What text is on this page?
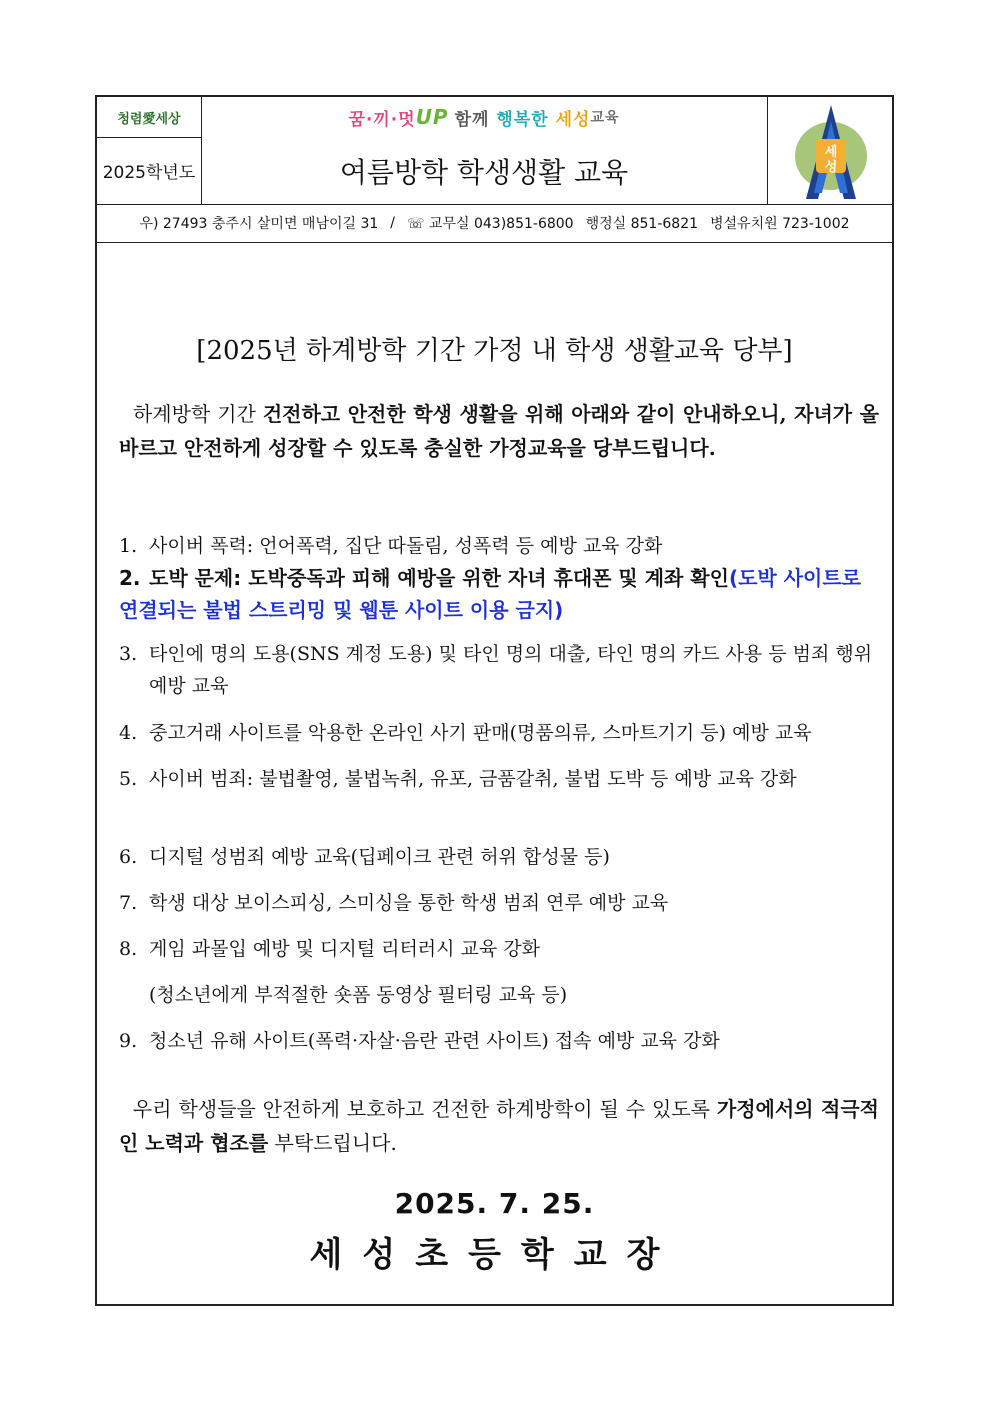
청렴愛세상
2025학년도
꿈·끼·멋 UP 함께
행복한
세성 교육
여름방학 학생생활 교육
세
성
우) 27493 충주시 살미면 매남이길 31 / ☏ 교무실 043)851-6800 행정실 851-6821 병설유치원 723-1002
[2025년 하계방학 기간 가정 내 학생 생활교육 당부]
하계방학 기간 건전하고 안전한 학생 생활을 위해 아래와 같이 안내하오니, 자녀가 올바르고 안전하게 성장할 수 있도록 충실한 가정교육을 당부드립니다.
1. 사이버 폭력: 언어폭력, 집단 따돌림, 성폭력 등 예방 교육 강화
2. 도박 문제: 도박중독과 피해 예방을 위한 자녀 휴대폰 및 계좌 확인(도박 사이트로 연결되는 불법 스트리밍 및 웹툰 사이트 이용 금지)
3. 타인에 명의 도용(SNS 계정 도용) 및 타인 명의 대출, 타인 명의 카드 사용 등 범죄 행위 예방 교육
4. 중고거래 사이트를 악용한 온라인 사기 판매(명품의류, 스마트기기 등) 예방 교육
5. 사이버 범죄: 불법촬영, 불법녹취, 유포, 금품갈취, 불법 도박 등 예방 교육 강화
6. 디지털 성범죄 예방 교육(딥페이크 관련 허위 합성물 등)
7. 학생 대상 보이스피싱, 스미싱을 통한 학생 범죄 연루 예방 교육
8. 게임 과몰입 예방 및 디지털 리터러시 교육 강화
(청소년에게 부적절한 숏폼 동영상 필터링 교육 등)
9. 청소년 유해 사이트(폭력·자살·음란 관련 사이트) 접속 예방 교육 강화
우리 학생들을 안전하게 보호하고 건전한 하계방학이 될 수 있도록 가정에서의 적극적인 노력과 협조를 부탁드립니다.
2025. 7. 25.
세성초등학교장
